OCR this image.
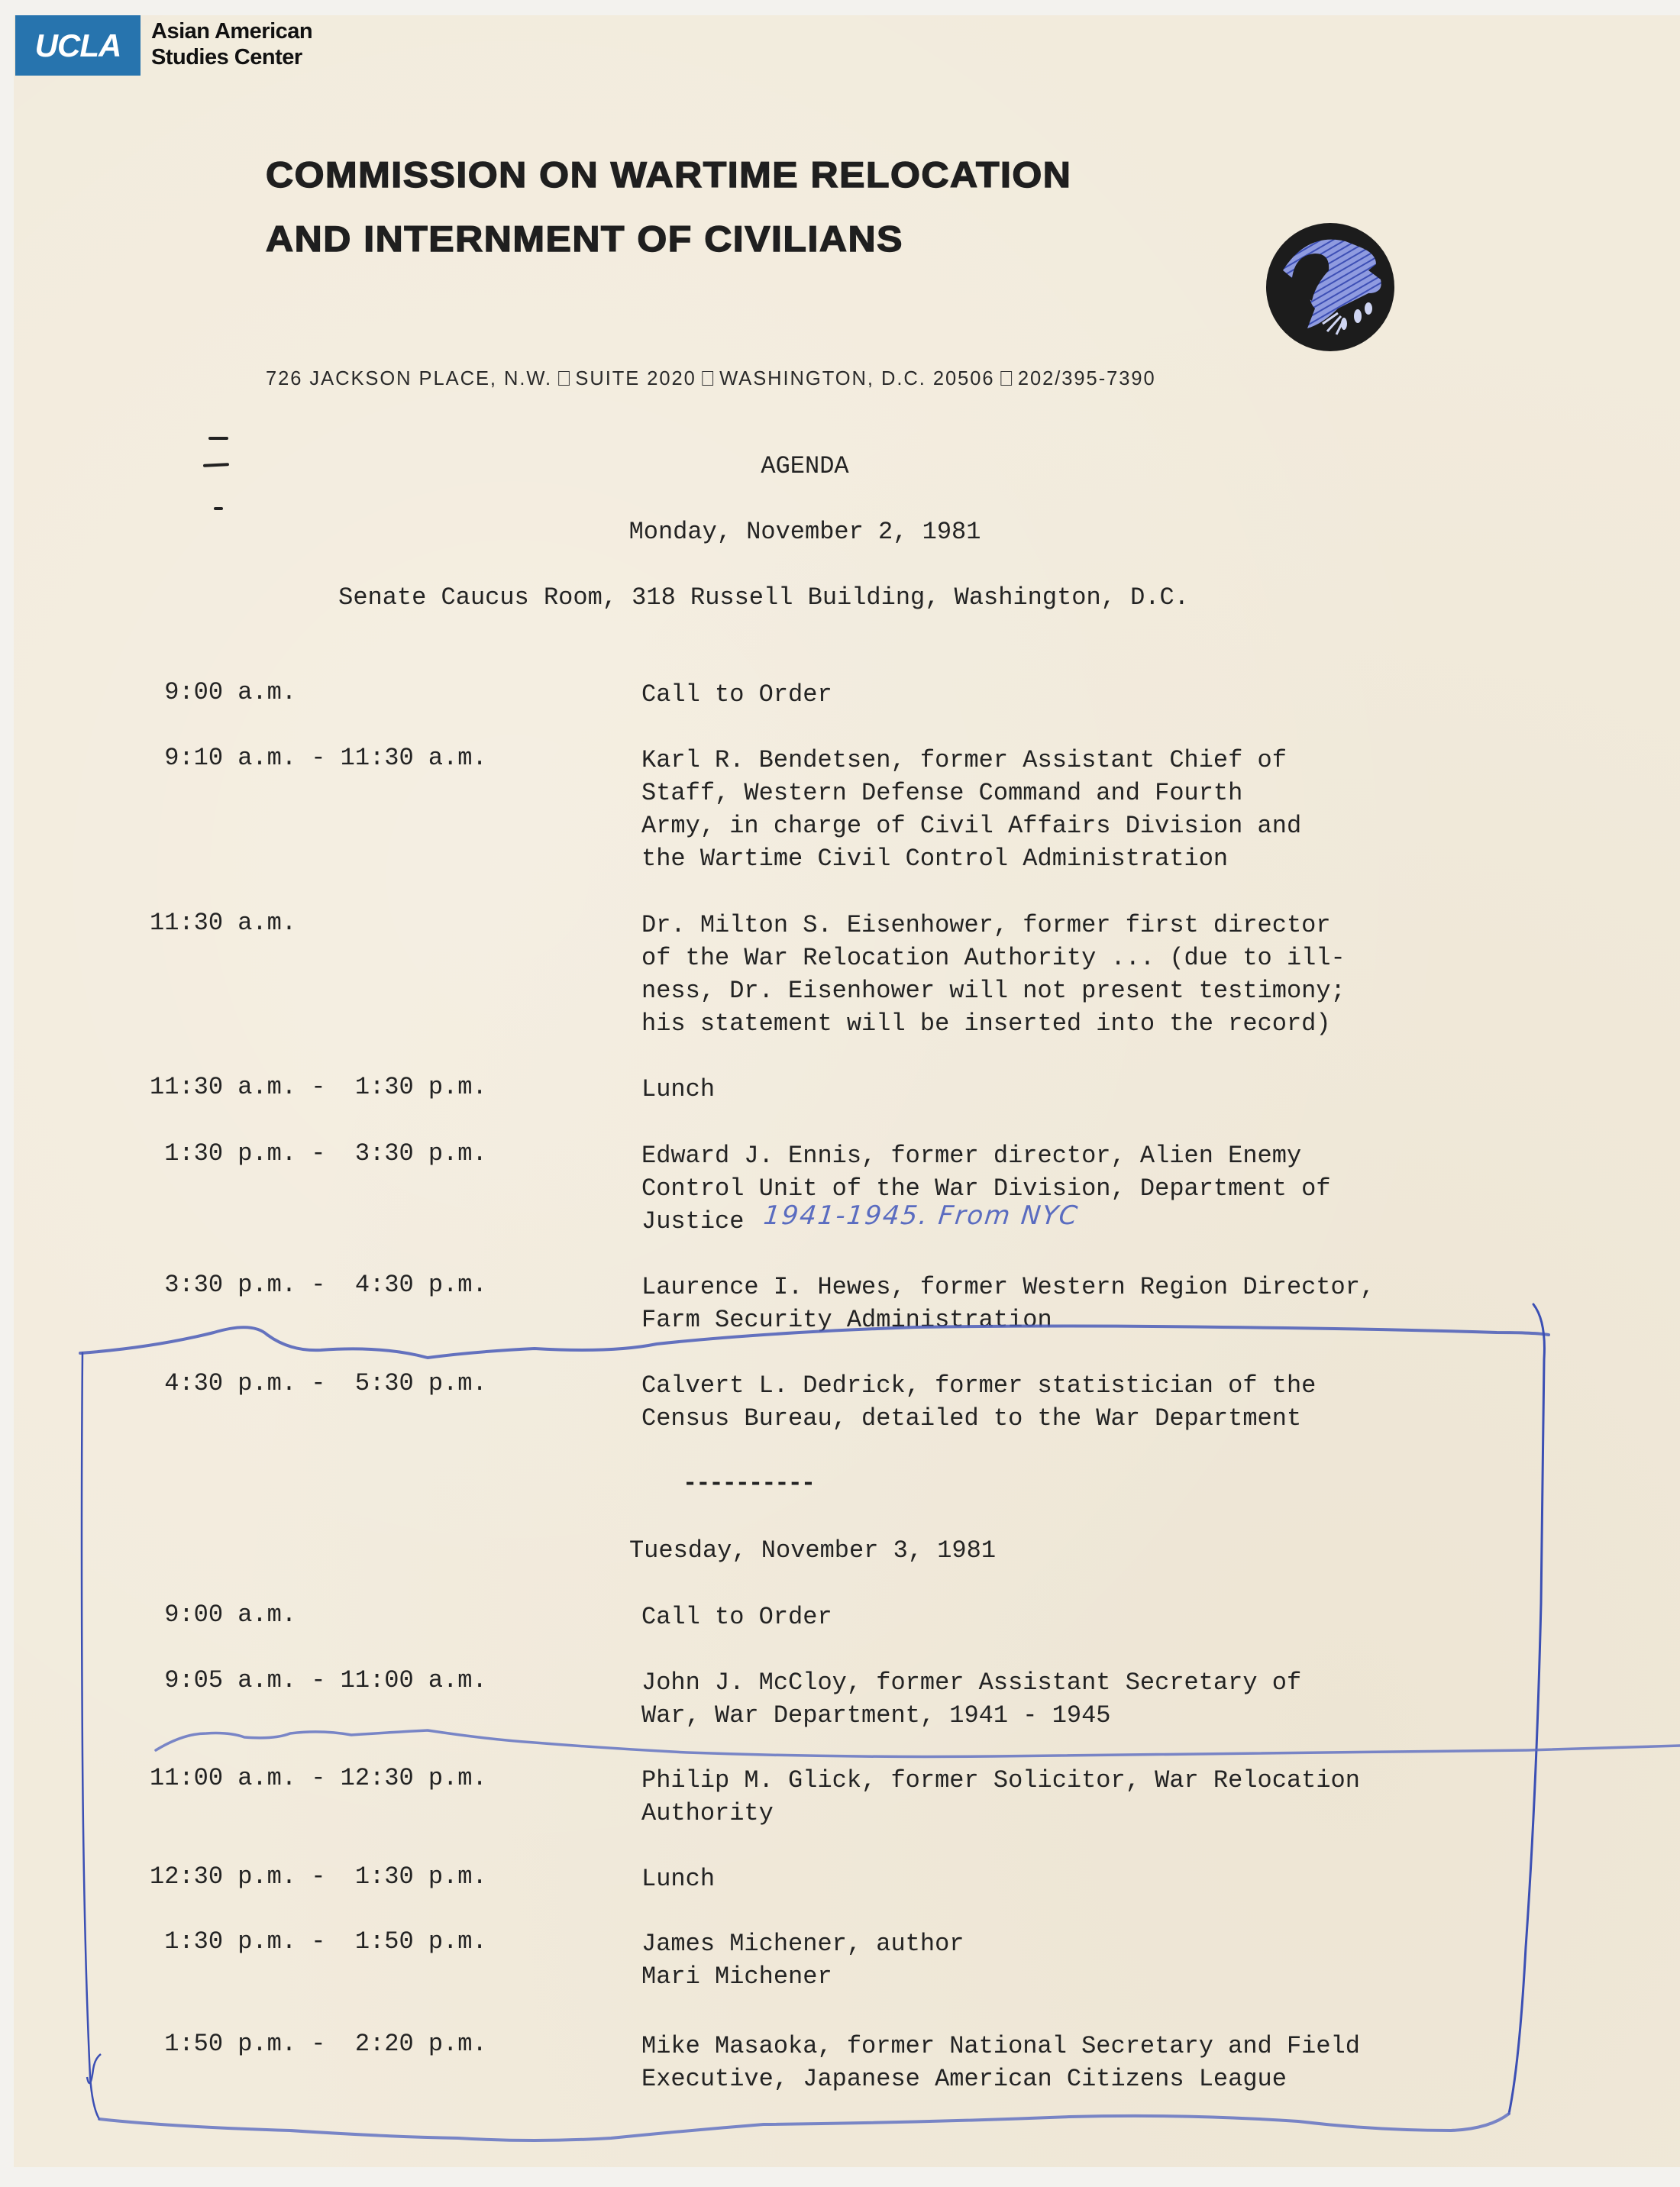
UCLA Asian American
Studies Center
COMMISSION ON WARTIME RELOCATION
AND INTERNMENT OF CIVILIANS
726 JACKSON PLACE, N.W. SUITE 2020 WASHINGTON, D.C. 20506 202/395-7390
AGENDA
Monday, November 2, 1981
Senate Caucus Room, 318 Russell Building, Washington, D.C.
9:00 a.m.	Call to Order
9:10 a.m. - 11:30 a.m.	Karl R. Bendetsen, former Assistant Chief of
Staff, Western Defense Command and Fourth
Army, in charge of Civil Affairs Division and
the Wartime Civil Control Administration
11:30 a.m.	Dr. Milton S. Eisenhower, former first director
of the War Relocation Authority ... (due to ill-
ness, Dr. Eisenhower will not present testimony;
his statement will be inserted into the record)
11:30 a.m. -  1:30 p.m.	Lunch
1:30 p.m. -  3:30 p.m.	Edward J. Ennis, former director, Alien Enemy
Control Unit of the War Division, Department of
Justice
3:30 p.m. -  4:30 p.m.	Laurence I. Hewes, former Western Region Director,
Farm Security Administration
4:30 p.m. -  5:30 p.m.	Calvert L. Dedrick, former statistician of the
Census Bureau, detailed to the War Department
1941-1945. From NYC
----------
Tuesday, November 3, 1981
9:00 a.m.	Call to Order
9:05 a.m. - 11:00 a.m.	John J. McCloy, former Assistant Secretary of
War, War Department, 1941 - 1945
11:00 a.m. - 12:30 p.m.	Philip M. Glick, former Solicitor, War Relocation
Authority
12:30 p.m. -  1:30 p.m.	Lunch
1:30 p.m. -  1:50 p.m.	James Michener, author
Mari Michener
1:50 p.m. -  2:20 p.m.	Mike Masaoka, former National Secretary and Field
Executive, Japanese American Citizens League
